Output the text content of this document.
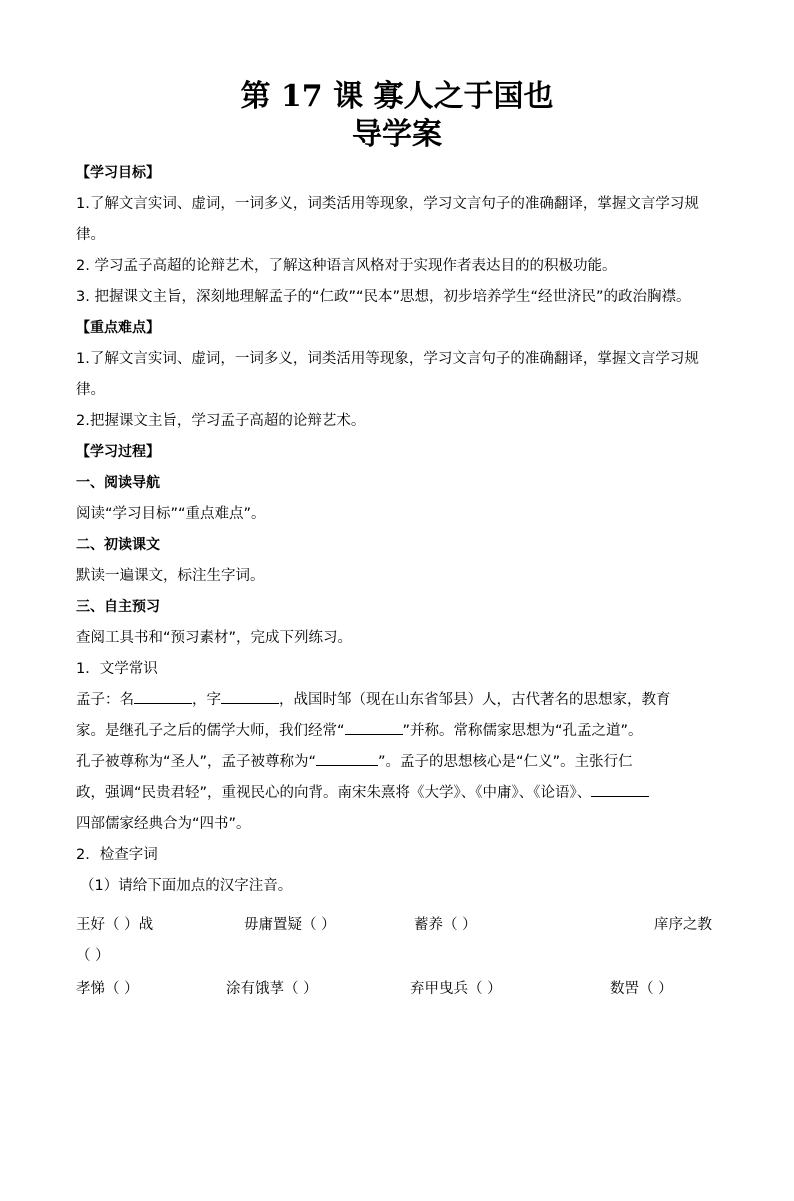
第 17 课 寡人之于国也
导学案
【学习目标】
1.了解文言实词、虚词，一词多义，词类活用等现象，学习文言句子的准确翻译，掌握文言学习规律。
2. 学习孟子高超的论辩艺术，了解这种语言风格对于实现作者表达目的的积极功能。
3. 把握课文主旨，深刻地理解孟子的“仁政”“民本”思想，初步培养学生“经世济民”的政治胸襟。
【重点难点】
1.了解文言实词、虚词，一词多义，词类活用等现象，学习文言句子的准确翻译，掌握文言学习规律。
2.把握课文主旨，学习孟子高超的论辩艺术。
【学习过程】
一、阅读导航
阅读“学习目标”“重点难点”。
二、初读课文
默读一遍课文，标注生字词。
三、自主预习
查阅工具书和“预习素材”，完成下列练习。
1．文学常识
孟子：名	，字	，战国时邹（现在山东省邹县）人，古代著名的思想家，教育
家。是继孔子之后的儒学大师，我们经常“	”并称。常称儒家思想为“孔孟之道”。
孔子被尊称为“圣人”，孟子被尊称为“	”。孟子的思想核心是“仁义”。主张行仁
政，强调“民贵君轻”，重视民心的向背。南宋朱熹将《大学》、《中庸》、《论语》、
四部儒家经典合为“四书”。
2．检查字词
（1）请给下面加点的汉字注音。
王好（ ）战	毋庸置疑（ ）	蓄养（ ）	庠序之教
（ ）
孝悌（ ）	涂有饿莩（ ）	弃甲曳兵（ ）	数罟（ ）
